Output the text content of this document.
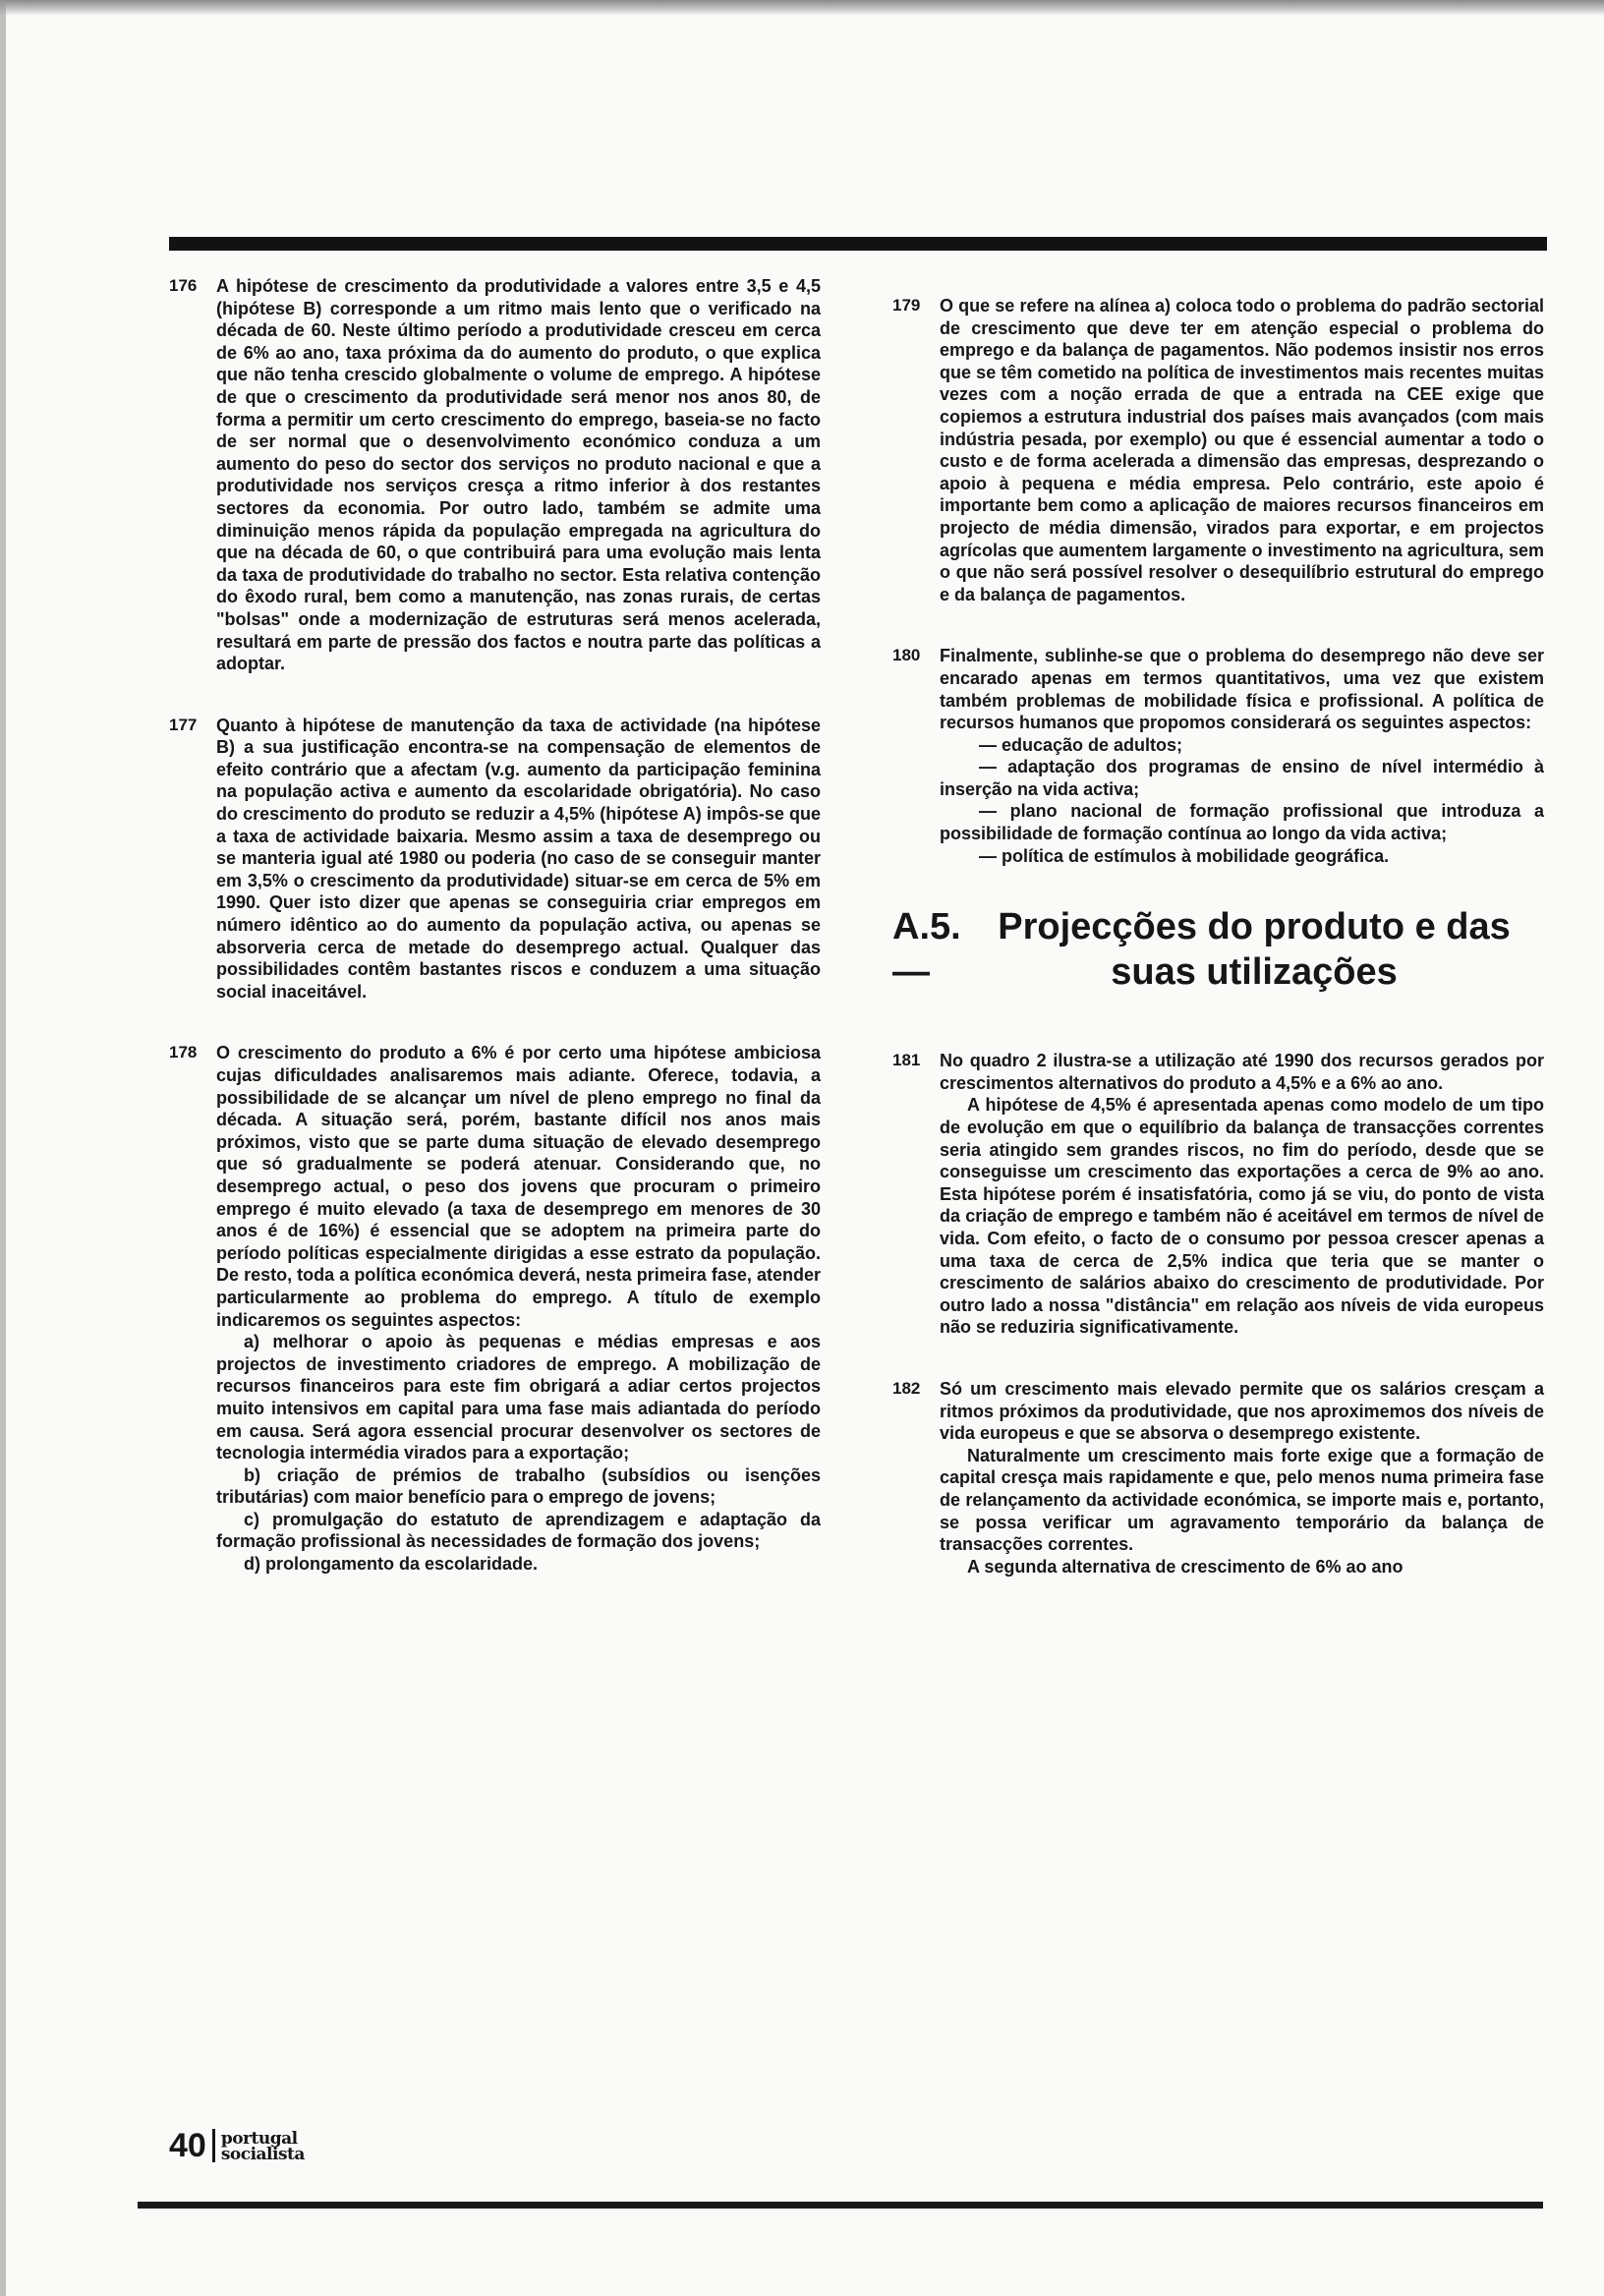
176 A hipótese de crescimento da produtividade a valores entre 3,5 e 4,5 (hipótese B) corresponde a um ritmo mais lento que o verificado na década de 60. Neste último período a produtividade cresceu em cerca de 6% ao ano, taxa próxima da do aumento do produto, o que explica que não tenha crescido globalmente o volume de emprego. A hipótese de que o crescimento da produtividade será menor nos anos 80, de forma a permitir um certo crescimento do emprego, baseia-se no facto de ser normal que o desenvolvimento económico conduza a um aumento do peso do sector dos serviços no produto nacional e que a produtividade nos serviços cresça a ritmo inferior à dos restantes sectores da economia. Por outro lado, também se admite uma diminuição menos rápida da população empregada na agricultura do que na década de 60, o que contribuirá para uma evolução mais lenta da taxa de produtividade do trabalho no sector. Esta relativa contenção do êxodo rural, bem como a manutenção, nas zonas rurais, de certas "bolsas" onde a modernização de estruturas será menos acelerada, resultará em parte de pressão dos factos e noutra parte das políticas a adoptar.

177 Quanto à hipótese de manutenção da taxa de actividade (na hipótese B) a sua justificação encontra-se na compensação de elementos de efeito contrário que a afectam (v.g. aumento da participação feminina na população activa e aumento da escolaridade obrigatória). No caso do crescimento do produto se reduzir a 4,5% (hipótese A) impôs-se que a taxa de actividade baixaria. Mesmo assim a taxa de desemprego ou se manteria igual até 1980 ou poderia (no caso de se conseguir manter em 3,5% o crescimento da produtividade) situar-se em cerca de 5% em 1990. Quer isto dizer que apenas se conseguiria criar empregos em número idêntico ao do aumento da população activa, ou apenas se absorveria cerca de metade do desemprego actual. Qualquer das possibilidades contêm bastantes riscos e conduzem a uma situação social inaceitável.

178 O crescimento do produto a 6% é por certo uma hipótese ambiciosa cujas dificuldades analisaremos mais adiante. Oferece, todavia, a possibilidade de se alcançar um nível de pleno emprego no final da década. A situação será, porém, bastante difícil nos anos mais próximos, visto que se parte duma situação de elevado desemprego que só gradualmente se poderá atenuar. Considerando que, no desemprego actual, o peso dos jovens que procuram o primeiro emprego é muito elevado (a taxa de desemprego em menores de 30 anos é de 16%) é essencial que se adoptem na primeira parte do período políticas especialmente dirigidas a esse estrato da população. De resto, toda a política económica deverá, nesta primeira fase, atender particularmente ao problema do emprego. A título de exemplo indicaremos os seguintes aspectos:

a) melhorar o apoio às pequenas e médias empresas e aos projectos de investimento criadores de emprego. A mobilização de recursos financeiros para este fim obrigará a adiar certos projectos muito intensivos em capital para uma fase mais adiantada do período em causa. Será agora essencial procurar desenvolver os sectores de tecnologia intermédia virados para a exportação;

b) criação de prémios de trabalho (subsídios ou isenções tributárias) com maior benefício para o emprego de jovens;

c) promulgação do estatuto de aprendizagem e adaptação da formação profissional às necessidades de formação dos jovens;

d) prolongamento da escolaridade.

179 O que se refere na alínea a) coloca todo o problema do padrão sectorial de crescimento que deve ter em atenção especial o problema do emprego e da balança de pagamentos. Não podemos insistir nos erros que se têm cometido na política de investimentos mais recentes muitas vezes com a noção errada de que a entrada na CEE exige que copiemos a estrutura industrial dos países mais avançados (com mais indústria pesada, por exemplo) ou que é essencial aumentar a todo o custo e de forma acelerada a dimensão das empresas, desprezando o apoio à pequena e média empresa. Pelo contrário, este apoio é importante bem como a aplicação de maiores recursos financeiros em projecto de média dimensão, virados para exportar, e em projectos agrícolas que aumentem largamente o investimento na agricultura, sem o que não será possível resolver o desequilíbrio estrutural do emprego e da balança de pagamentos.

180 Finalmente, sublinhe-se que o problema do desemprego não deve ser encarado apenas em termos quantitativos, uma vez que existem também problemas de mobilidade física e profissional. A política de recursos humanos que propomos considerará os seguintes aspectos:

— educação de adultos;

— adaptação dos programas de ensino de nível intermédio à inserção na vida activa;

— plano nacional de formação profissional que introduza a possibilidade de formação contínua ao longo da vida activa;

— política de estímulos à mobilidade geográfica.

A.5. —Projecções do produto e das suas utilizações
181 No quadro 2 ilustra-se a utilização até 1990 dos recursos gerados por crescimentos alternativos do produto a 4,5% e a 6% ao ano.

A hipótese de 4,5% é apresentada apenas como modelo de um tipo de evolução em que o equilíbrio da balança de transacções correntes seria atingido sem grandes riscos, no fim do período, desde que se conseguisse um crescimento das exportações a cerca de 9% ao ano. Esta hipótese porém é insatisfatória, como já se viu, do ponto de vista da criação de emprego e também não é aceitável em termos de nível de vida. Com efeito, o facto de o consumo por pessoa crescer apenas a uma taxa de cerca de 2,5% indica que teria que se manter o crescimento de salários abaixo do crescimento de produtividade. Por outro lado a nossa "distância" em relação aos níveis de vida europeus não se reduziria significativamente.

182 Só um crescimento mais elevado permite que os salários cresçam a ritmos próximos da produtividade, que nos aproximemos dos níveis de vida europeus e que se absorva o desemprego existente.

Naturalmente um crescimento mais forte exige que a formação de capital cresça mais rapidamente e que, pelo menos numa primeira fase de relançamento da actividade económica, se importe mais e, portanto, se possa verificar um agravamento temporário da balança de transacções correntes.

A segunda alternativa de crescimento de 6% ao ano

40 portugal
socialista
